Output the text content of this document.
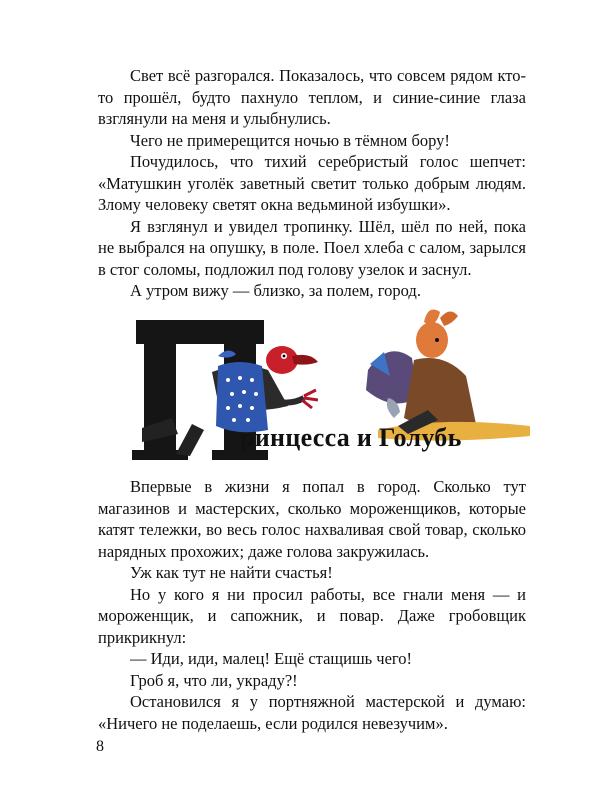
Свет всё разгорался. Показалось, что совсем рядом кто-то прошёл, будто пахнуло теплом, и синие-синие глаза взглянули на меня и улыбнулись.

Чего не примерещится ночью в тёмном бору!

Почудилось, что тихий серебристый голос шепчет: «Матушкин уголёк заветный светит только добрым людям. Злому человеку светят окна ведьминой избушки».

Я взглянул и увидел тропинку. Шёл, шёл по ней, пока не выбрался на опушку, в поле. Поел хлеба с салом, зарылся в стог соломы, подложил под голову узелок и заснул.

А утром вижу — близко, за полем, город.

ринцесса и Голубь

Впервые в жизни я попал в город. Сколько тут магазинов и мастерских, сколько мороженщиков, которые катят тележки, во весь голос нахваливая свой товар, сколько нарядных прохожих; даже голова закружилась.

Уж как тут не найти счастья!

Но у кого я ни просил работы, все гнали меня — и мороженщик, и сапожник, и повар. Даже гробовщик прикрикнул:

— Иди, иди, малец! Ещё стащишь чего!

Гроб я, что ли, украду?!

Остановился я у портняжной мастерской и думаю: «Ничего не поделаешь, если родился невезучим».

8
